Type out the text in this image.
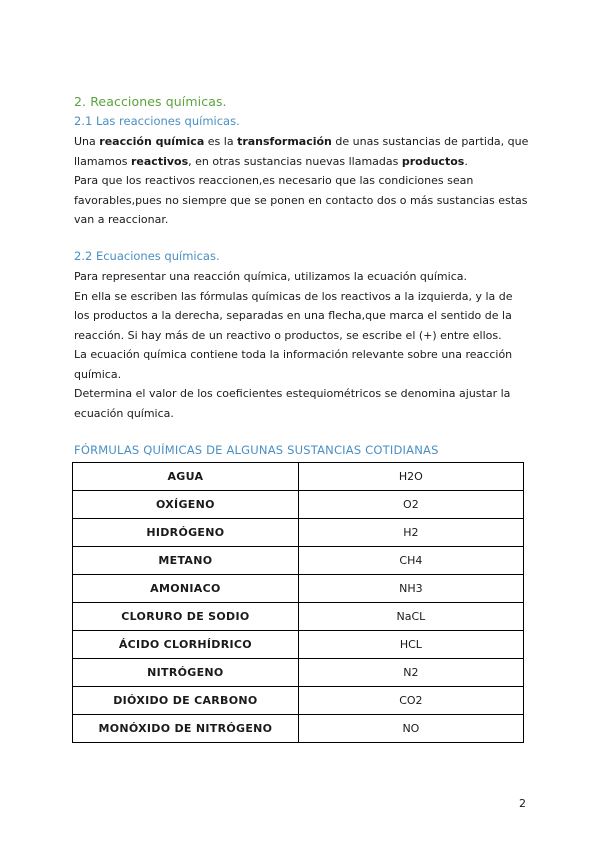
2. Reacciones químicas.
2.1 Las reacciones químicas.

Una reacción química es la transformación de unas sustancias de partida, que llamamos reactivos, en otras sustancias nuevas llamadas productos.

Para que los reactivos reaccionen,es necesario que las condiciones sean favorables,pues no siempre que se ponen en contacto dos o más sustancias estas van a reaccionar.

2.2 Ecuaciones químicas.

Para representar una reacción química, utilizamos la ecuación química.

En ella se escriben las fórmulas químicas de los reactivos a la izquierda, y la de los productos a la derecha, separadas en una flecha,que marca el sentido de la reacción. Si hay más de un reactivo o productos, se escribe el (+) entre ellos.

La ecuación química contiene toda la información relevante sobre una reacción química.

Determina el valor de los coeficientes estequiométricos se denomina ajustar la ecuación química.

FÓRMULAS QUÍMICAS DE ALGUNAS SUSTANCIAS COTIDIANAS
AGUA	H2O
OXÍGENO	O2
HIDRÓGENO	H2
METANO	CH4
AMONIACO	NH3
CLORURO DE SODIO	NaCL
ÁCIDO CLORHÍDRICO	HCL
NITRÓGENO	N2
DIÓXIDO DE CARBONO	CO2
MONÓXIDO DE NITRÓGENO	NO
2
